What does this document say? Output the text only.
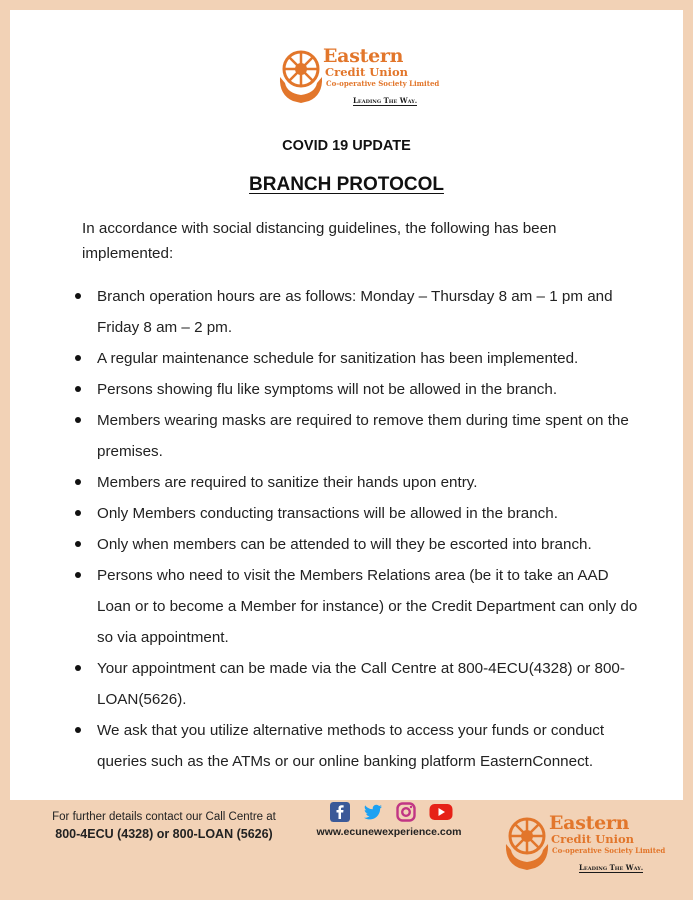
Eastern
Credit Union
Co-operative Society Limited
Leading The Way.
COVID 19 UPDATE
BRANCH PROTOCOL

In accordance with social distancing guidelines, the following has been implemented:

Branch operation hours are as follows: Monday – Thursday 8 am – 1 pm and Friday 8 am – 2 pm.
A regular maintenance schedule for sanitization has been implemented.
Persons showing flu like symptoms will not be allowed in the branch.
Members wearing masks are required to remove them during time spent on the premises.
Members are required to sanitize their hands upon entry.
Only Members conducting transactions will be allowed in the branch.
Only when members can be attended to will they be escorted into branch.
Persons who need to visit the Members Relations area (be it to take an AAD Loan or to become a Member for instance) or the Credit Department can only do so via appointment.
Your appointment can be made via the Call Centre at 800-4ECU(4328) or 800-LOAN(5626).
We ask that you utilize alternative methods to access your funds or conduct queries such as the ATMs or our online banking platform EasternConnect.
For further details contact our Call Centre at
800-4ECU (4328) or 800-LOAN (5626)	www.ecunewexperience.com	Eastern
Credit Union
Co-operative Society Limited
Leading The Way.
